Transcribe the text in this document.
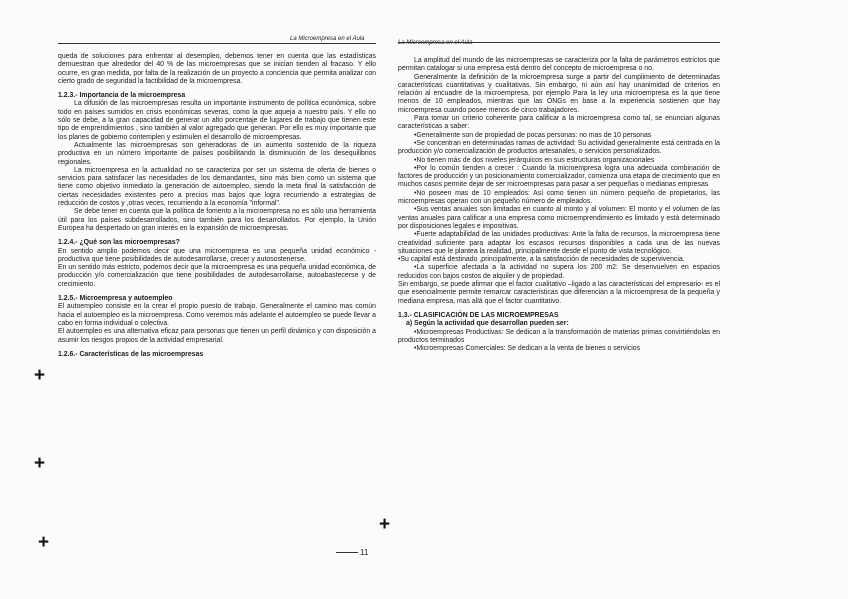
La Microempresa en el Aula

queda de soluciones para enfrentar al desempleo, debemos tener en cuenta que las estadísticas demuestran que alrededor del 40 % de las microempresas que se inician tienden al fracaso. Y ello ocurre, en gran medida, por falta de la realización de un proyecto a conciencia que permita analizar con cierto grado de seguridad la factibilidad de la microempresa.

1.2.3.- Importancia de la microempresa

La difusión de las microempresas resulta un importante instrumento de política económica, sobre todo en países sumidos en crisis económicas severas, como la que aqueja a nuestro país. Y ello no sólo se debe, a la gran capacidad de generar un alto porcentaje de lugares de trabajo que tienen este tipo de emprendimientos , sino también al valor agregado que generan. Por ello es muy importante que los planes de gobierno contemplen y estimulen el desarrollo de microempresas.

Actualmente las microempresas son generadoras de un aumento sostenido de la riqueza productiva en un número importante de países posibilitando la disminución de los desequilibrios regionales.

La microempresa en la actualidad no se caracteriza por ser un sistema de oferta de bienes o servicios para satisfacer las necesidades de los demandantes, sino más bien como un sistema que tiene como objetivo inmediato la generación de autoempleo, siendo la meta final la satisfacción de ciertas necesidades existentes pero a precios mas bajos que logra recurriendo a estrategias de reducción de costos y ,otras veces, recurriendo a la economía "informal".

Se debe tener en cuenta que la política de fomento a la microempresa no es sólo una herramienta útil para los países subdesarrollados, sino también para los desarrollados. Por ejemplo, la Unión Europea ha despertado un gran interés en la expansión de microempresas.

1.2.4.- ¿Qué son las microempresas?

En sentido amplio podemos decir que una microempresa es una pequeña unidad económico -productiva que tiene posibilidades de autodesarrollarse, crecer y autosostenerse.

En un sentido más estricto, podemos decir que la microempresa es una pequeña unidad económica, de producción y/o comercialización que tiene posibilidades de autodesarrollarse, autoabastecerse y de crecimiento.

1.2.5.- Microempresa y autoempleo

El autoempleo consiste en la crear el propio puesto de trabajo. Generalmente el camino mas común hacia el autoempleo es la microempresa. Como veremos más adelante el autoempleo se puede llevar a cabo en forma individual o colectiva.

El autoempleo es una alternativa eficaz para personas que tienen un perfil dinámico y con disposición a asumir los riesgos propios de la actividad empresarial.

1.2.6.- Características de las microempresas

11
La Microempresa en el Aula

La amplitud del mundo de las microempresas se caracteriza por la falta de parámetros estrictos que permitan catalogar si una empresa está dentro del concepto de microempresa o no.

Generalmente la definición de la microempresa surge a partir del cumplimiento de determinadas características cuantitativas y cualitativas. Sin embargo, ni aún así hay unanimidad de criterios en relación al encuadre de la microempresa, por ejemplo Para la ley una microempresa es la que tiene menos de 10 empleados, mientras que las ONGs en base a la experiencia sostienen que hay microempresa cuando posee menos de cinco trabajadores.

Para tomar un criterio coherente para calificar a la microempresa como tal, se enuncian algunas características a saber:

•Generalmente son de propiedad de pocas personas: no mas de 10 personas

•Se concentran en determinadas ramas de actividad: Su actividad generalmente está centrada en la producción y/o comercialización de productos artesanales, o servicios personalizados.

•No tienen más de dos niveles jerárquicos en sus estructuras organizacionales

•Por lo común tienden a crecer : Cuando la microempresa logra una adecuada combinación de factores de producción y un posicionamiento comercializador, comienza una etapa de crecimiento que en muchos casos permite dejar de ser microempresas para pasar a ser pequeñas o medianas empresas

•No poseen mas de 10 empleados: Así como tienen un número pequeño de propietarios, las microempresas operan con un pequeño número de empleados.

•Sus ventas anuales son limitadas en cuanto al monto y al volumen: El monto y el volumen de las ventas anuales para calificar a una empresa como microemprendimiento es limitado y está determinado por disposiciones legales e impositivas.

•Fuerte adaptabilidad de las unidades productivas: Ante la falta de recursos, la microempresa tiene creatividad suficiente para adaptar los escasos recursos disponibles a cada una de las nuevas situaciones que le plantea la realidad, principalmente desde el punto de vista tecnológico.

•Su capital está destinado ,principalmente, a la satisfacción de necesidades de supervivencia.

•La superficie afectada a la actividad no supera los 200 m2: Se desenvuelven en espacios reducidos con bajos costos de alquiler y de propiedad.

Sin embargo, se puede afirmar que el factor cualitativo –ligado a las características del empresario- es el que esencialmente permite remarcar características que diferencian a la microempresa de la pequeña y mediana empresa, mas allá que el factor cuantitativo.

1.3.- CLASIFICACIÓN DE LAS MICROEMPRESAS

a) Según la actividad que desarrollan pueden ser:

•Microempresas Productivas: Se dedican a la transformación de materias primas convirtiéndolas en productos terminados

•Microempresas Comerciales: Se dedican a la venta de bienes o servicios

+
+
+
+
